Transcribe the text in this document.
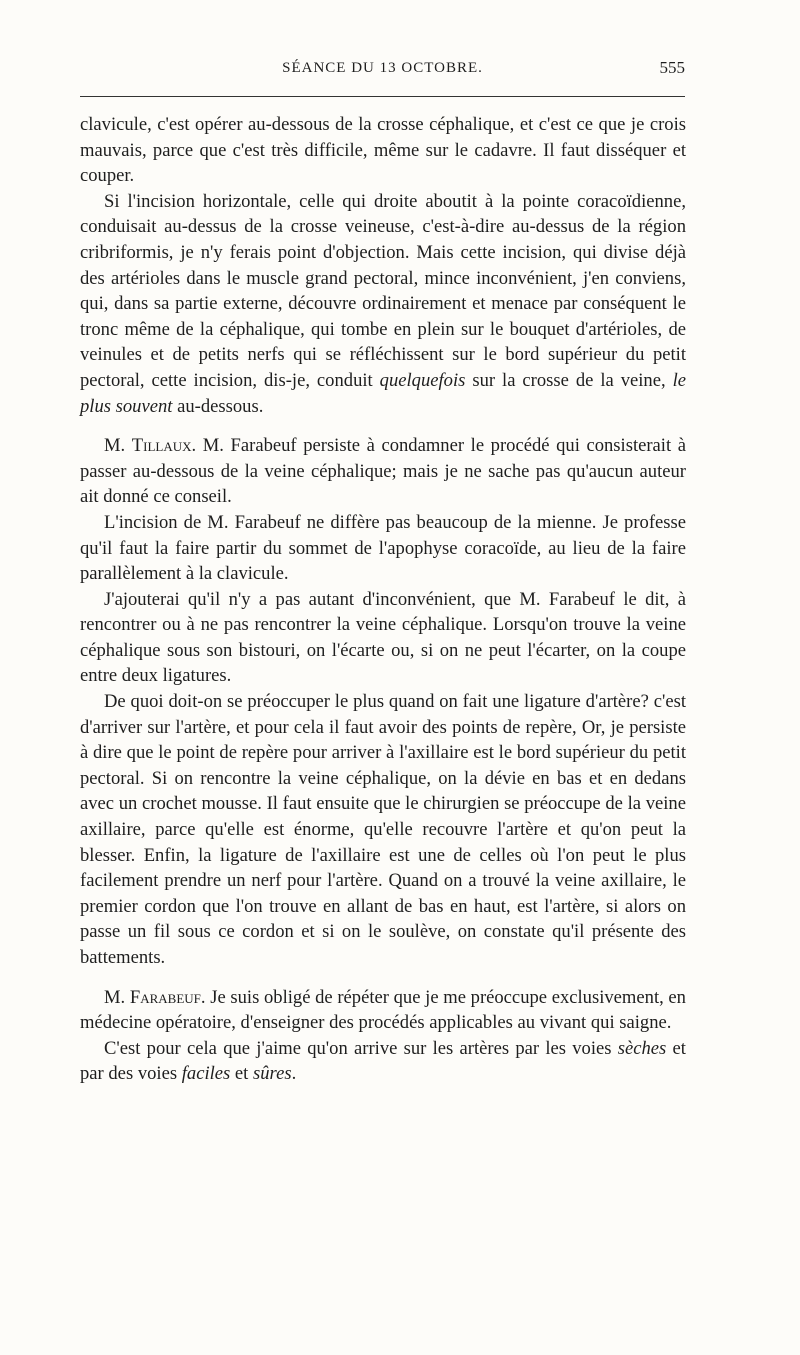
SÉANCE DU 13 OCTOBRE.	555

clavicule, c'est opérer au-dessous de la crosse céphalique, et c'est ce que je crois mauvais, parce que c'est très difficile, même sur le cadavre. Il faut disséquer et couper.

Si l'incision horizontale, celle qui droite aboutit à la pointe coracoïdienne, conduisait au-dessus de la crosse veineuse, c'est-à-dire au-dessus de la région cribriformis, je n'y ferais point d'objection. Mais cette incision, qui divise déjà des artérioles dans le muscle grand pectoral, mince inconvénient, j'en conviens, qui, dans sa partie externe, découvre ordinairement et menace par conséquent le tronc même de la céphalique, qui tombe en plein sur le bouquet d'artérioles, de veinules et de petits nerfs qui se réfléchissent sur le bord supérieur du petit pectoral, cette incision, dis-je, conduit quelquefois sur la crosse de la veine, le plus souvent au-dessous.

M. Tillaux. M. Farabeuf persiste à condamner le procédé qui consisterait à passer au-dessous de la veine céphalique; mais je ne sache pas qu'aucun auteur ait donné ce conseil.

L'incision de M. Farabeuf ne diffère pas beaucoup de la mienne. Je professe qu'il faut la faire partir du sommet de l'apophyse coracoïde, au lieu de la faire parallèlement à la clavicule.

J'ajouterai qu'il n'y a pas autant d'inconvénient, que M. Farabeuf le dit, à rencontrer ou à ne pas rencontrer la veine céphalique. Lorsqu'on trouve la veine céphalique sous son bistouri, on l'écarte ou, si on ne peut l'écarter, on la coupe entre deux ligatures.

De quoi doit-on se préoccuper le plus quand on fait une ligature d'artère? c'est d'arriver sur l'artère, et pour cela il faut avoir des points de repère, Or, je persiste à dire que le point de repère pour arriver à l'axillaire est le bord supérieur du petit pectoral. Si on rencontre la veine céphalique, on la dévie en bas et en dedans avec un crochet mousse. Il faut ensuite que le chirurgien se préoccupe de la veine axillaire, parce qu'elle est énorme, qu'elle recouvre l'artère et qu'on peut la blesser. Enfin, la ligature de l'axillaire est une de celles où l'on peut le plus facilement prendre un nerf pour l'artère. Quand on a trouvé la veine axillaire, le premier cordon que l'on trouve en allant de bas en haut, est l'artère, si alors on passe un fil sous ce cordon et si on le soulève, on constate qu'il présente des battements.

M. Farabeuf. Je suis obligé de répéter que je me préoccupe exclusivement, en médecine opératoire, d'enseigner des procédés applicables au vivant qui saigne.

C'est pour cela que j'aime qu'on arrive sur les artères par les voies sèches et par des voies faciles et sûres.
